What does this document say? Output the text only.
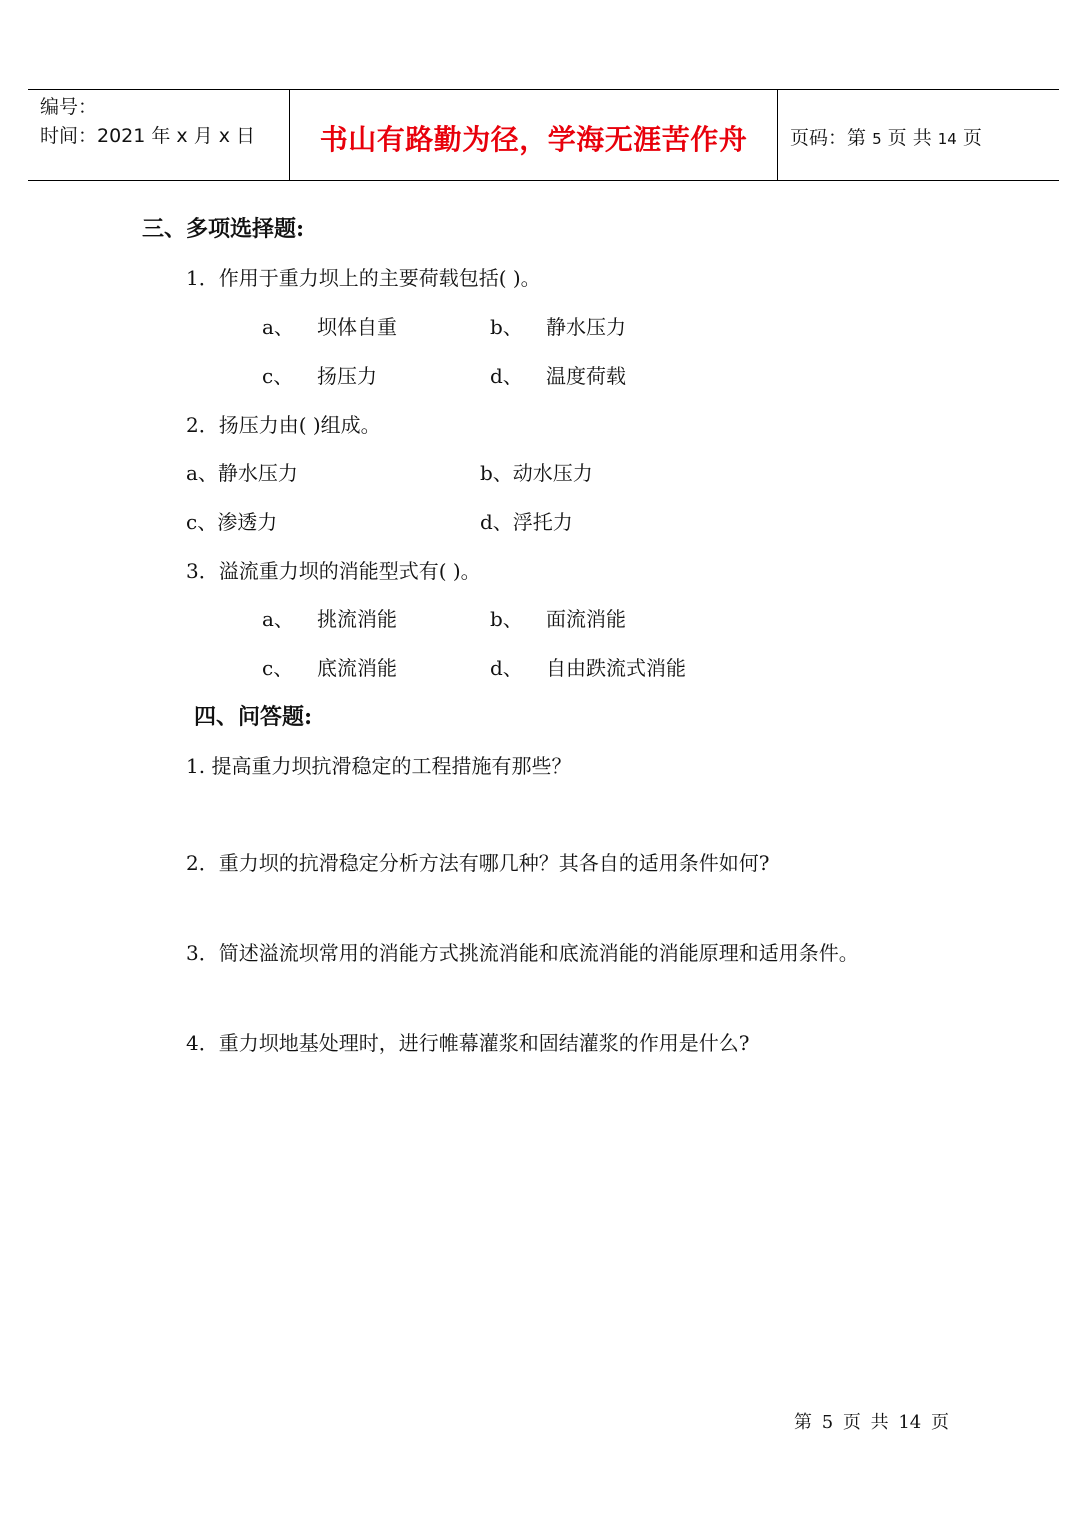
编号：
时间：2021 年 x 月 x 日	书山有路勤为径，学海无涯苦作舟	页码：第 5 页 共 14 页
三、多项选择题:
1．作用于重力坝上的主要荷载包括( )。
a、 坝体自重	b、 静水压力
c、 扬压力	d、 温度荷载
2．扬压力由( )组成。
a、静水压力	b、动水压力
c、渗透力	d、浮托力
3．溢流重力坝的消能型式有( )。
a、 挑流消能	b、 面流消能
c、 底流消能	d、 自由跌流式消能
四、问答题:
1. 提高重力坝抗滑稳定的工程措施有那些？
2．重力坝的抗滑稳定分析方法有哪几种？其各自的适用条件如何?
3．简述溢流坝常用的消能方式挑流消能和底流消能的消能原理和适用条件。
4．重力坝地基处理时，进行帷幕灌浆和固结灌浆的作用是什么?
第 5 页 共 14 页
